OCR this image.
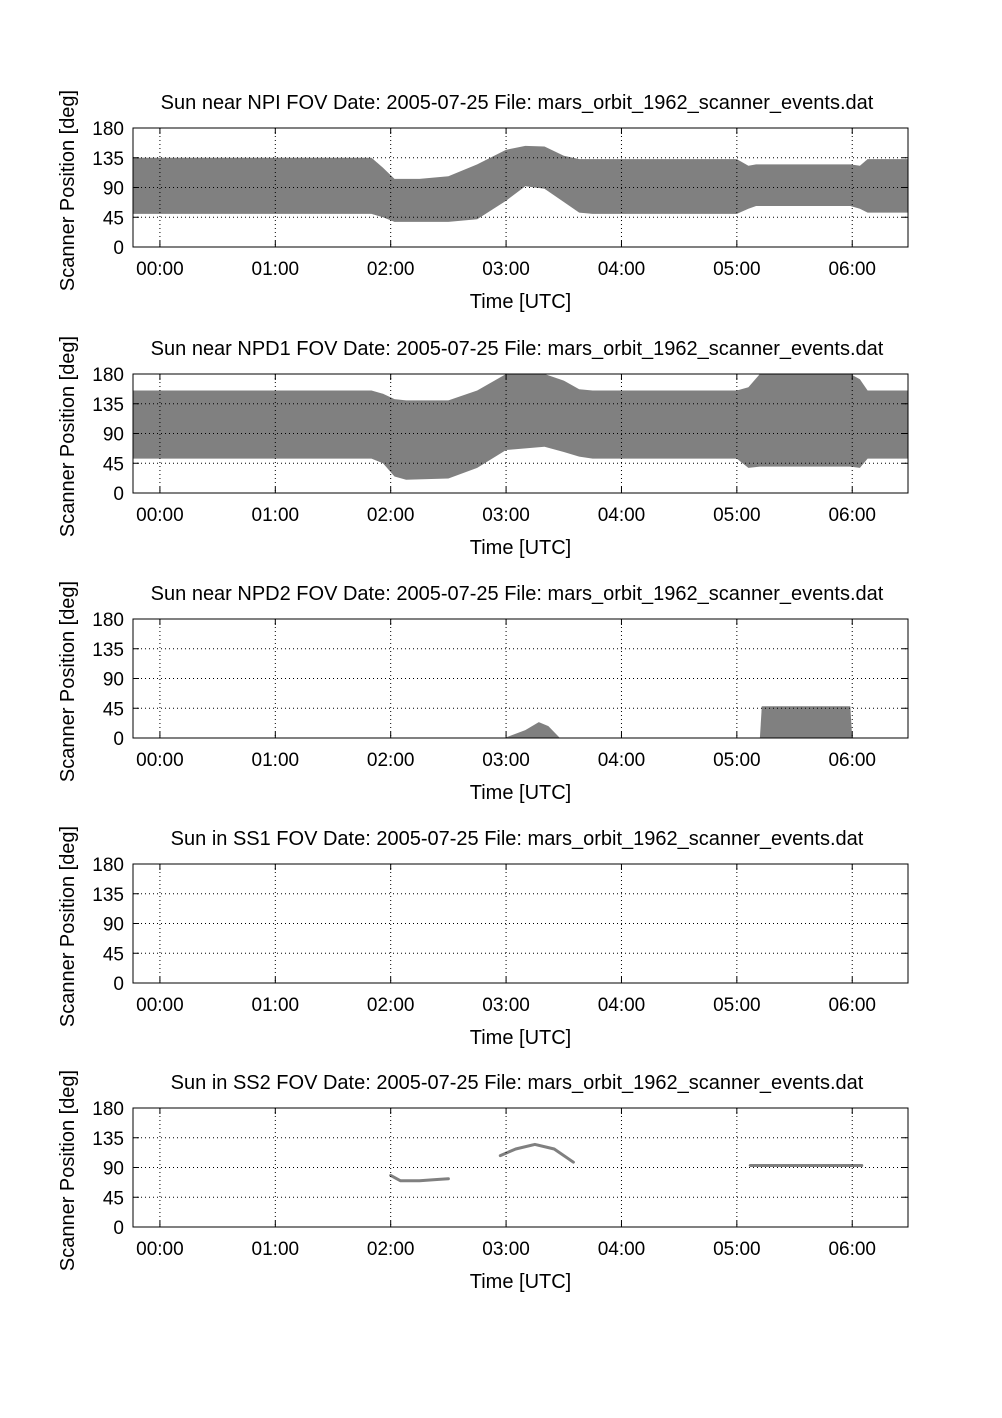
Sun near NPI FOV Date: 2005-07-25 File: mars_orbit_1962_scanner_events.dat
00:00	01:00	02:00	03:00	04:00	05:00	06:00
0
45
90
135
180
Time [UTC]
Scanner Position [deg]
Sun near NPD1 FOV Date: 2005-07-25 File: mars_orbit_1962_scanner_events.dat
00:00	01:00	02:00	03:00	04:00	05:00	06:00
0
45
90
135
180
Time [UTC]
Scanner Position [deg]
Sun near NPD2 FOV Date: 2005-07-25 File: mars_orbit_1962_scanner_events.dat
00:00	01:00	02:00	03:00	04:00	05:00	06:00
0
45
90
135
180
Time [UTC]
Scanner Position [deg]
Sun in SS1 FOV Date: 2005-07-25 File: mars_orbit_1962_scanner_events.dat
00:00	01:00	02:00	03:00	04:00	05:00	06:00
0
45
90
135
180
Time [UTC]
Scanner Position [deg]
Sun in SS2 FOV Date: 2005-07-25 File: mars_orbit_1962_scanner_events.dat
00:00	01:00	02:00	03:00	04:00	05:00	06:00
0
45
90
135
180
Time [UTC]
Scanner Position [deg]
